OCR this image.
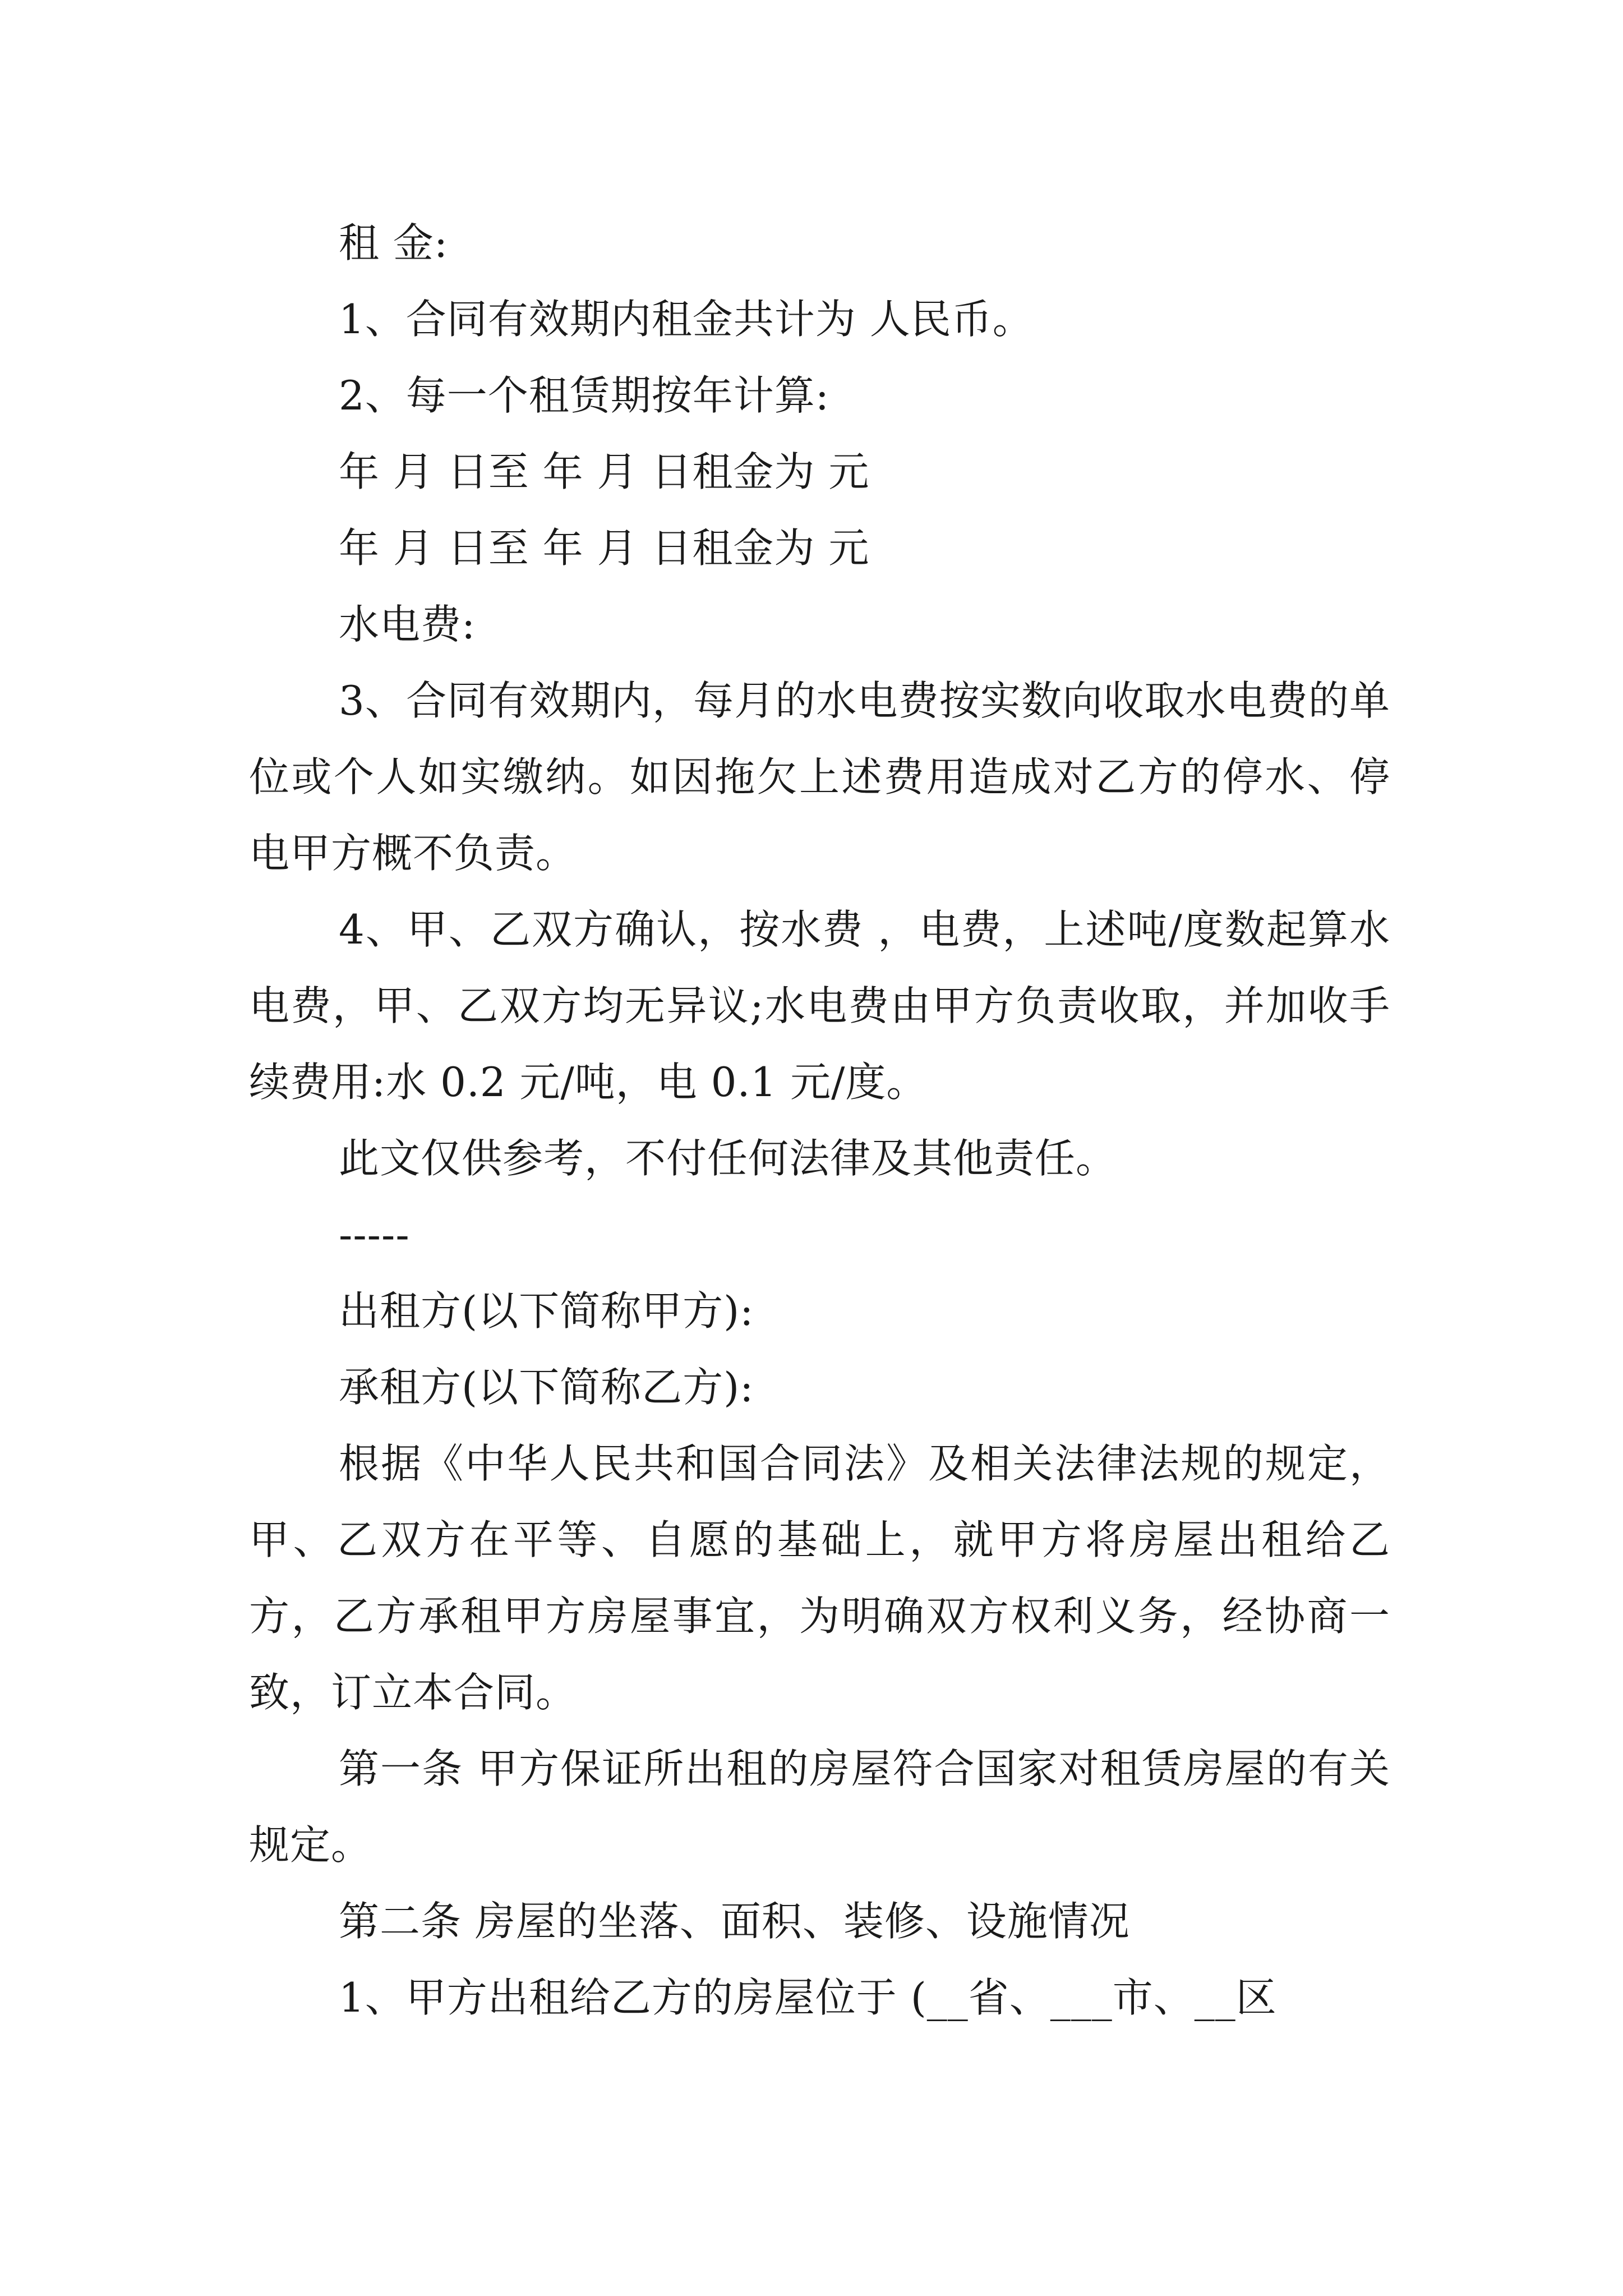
租 金:

1、合同有效期内租金共计为 人民币。

2、每一个租赁期按年计算:

年 月 日至 年 月 日租金为 元

年 月 日至 年 月 日租金为 元

水电费:

3、合同有效期内，每月的水电费按实数向收取水电费的单位或个人如实缴纳。如因拖欠上述费用造成对乙方的停水、停电甲方概不负责。

4、甲、乙双方确认，按水费 ，电费，上述吨/度数起算水电费，甲、乙双方均无异议;水电费由甲方负责收取，并加收手续费用:水 0.2 元/吨，电 0.1 元/度。

此文仅供参考，不付任何法律及其他责任。

-----

出租方(以下简称甲方):

承租方(以下简称乙方):

根据《中华人民共和国合同法》及相关法律法规的规定，甲、乙双方在平等、自愿的基础上，就甲方将房屋出租给乙方，乙方承租甲方房屋事宜，为明确双方权利义务，经协商一致，订立本合同。

第一条 甲方保证所出租的房屋符合国家对租赁房屋的有关规定。

第二条 房屋的坐落、面积、装修、设施情况

1、甲方出租给乙方的房屋位于 (__省、___市、__区
